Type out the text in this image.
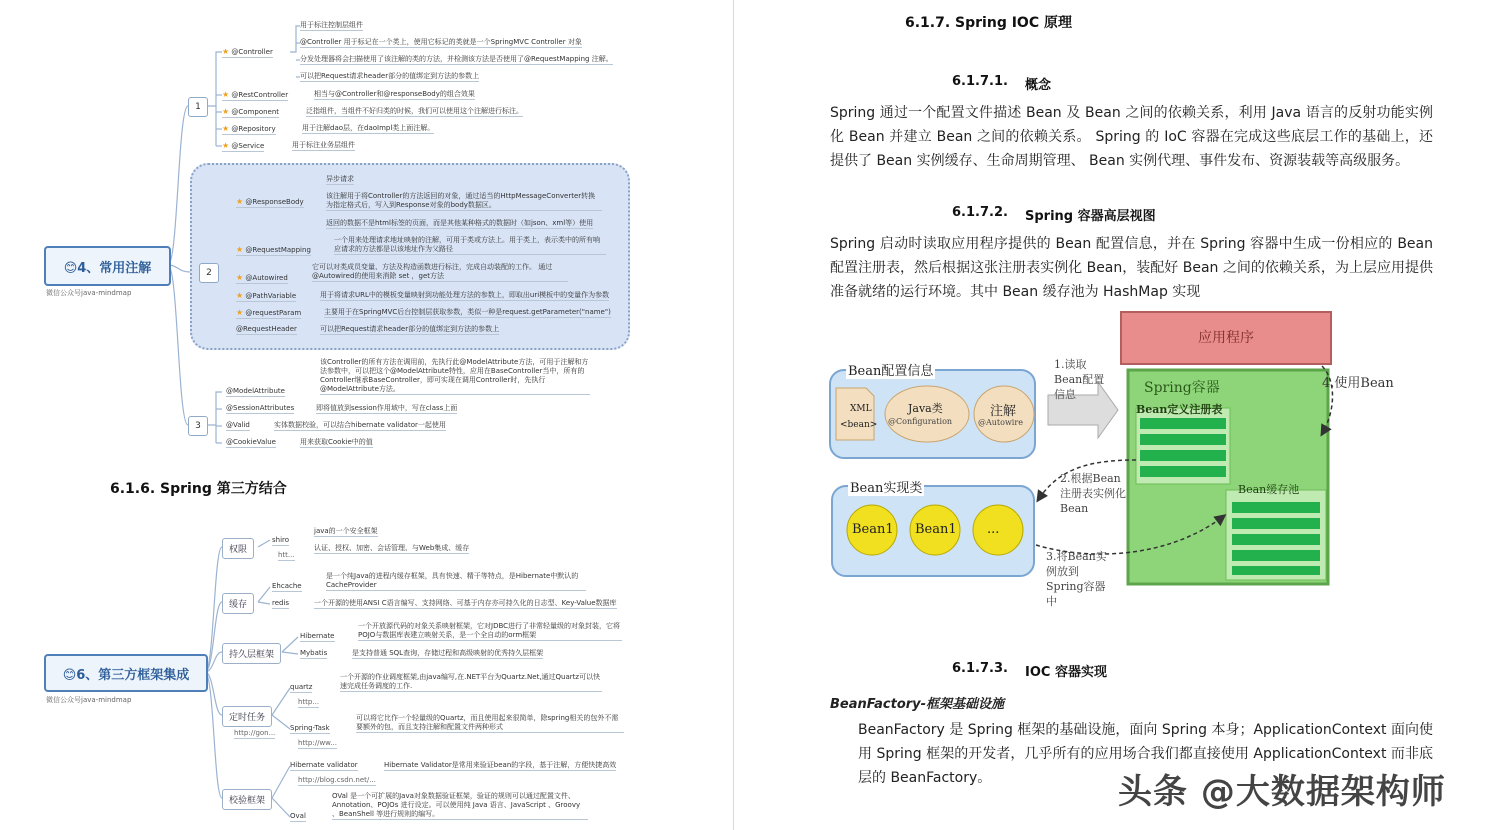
😊4、常用注解
微信公众号java-mindmap
1
2
3
★ @Controller
用于标注控制层组件
@Controller 用于标记在一个类上，使用它标记的类就是一个SpringMVC Controller 对象
分发处理器将会扫描使用了该注解的类的方法，并检测该方法是否使用了@RequestMapping 注解。
可以把Request请求header部分的值绑定到方法的参数上
★ @RestController	相当与@Controller和@responseBody的组合效果
★ @Component	泛指组件，当组件不好归类的时候，我们可以使用这个注解进行标注。
★ @Repository	用于注解dao层，在daoImpl类上面注解。
★ @Service	用于标注业务层组件
★ @ResponseBody
异步请求
该注解用于将Controller的方法返回的对象，通过适当的HttpMessageConverter转换为指定格式后，写入到Response对象的body数据区。
返回的数据不是html标签的页面，而是其他某种格式的数据时（如json、xml等）使用
★ @RequestMapping
一个用来处理请求地址映射的注解，可用于类或方法上。用于类上，表示类中的所有响应请求的方法都是以该地址作为父路径
★ @Autowired
它可以对类成员变量、方法及构造函数进行标注，完成自动装配的工作。 通过 @Autowired的使用来消除 set ，get方法
★ @PathVariable	用于将请求URL中的模板变量映射到功能处理方法的参数上，即取出uri模板中的变量作为参数
★ @requestParam	主要用于在SpringMVC后台控制层获取参数，类似一种是request.getParameter("name")
@RequestHeader	可以把Request请求header部分的值绑定到方法的参数上
@ModelAttribute
该Controller的所有方法在调用前，先执行此@ModelAttribute方法，可用于注解和方法参数中，可以把这个@ModelAttribute特性，应用在BaseController当中，所有的Controller继承BaseController，即可实现在调用Controller时，先执行@ModelAttribute方法。
@SessionAttributes	即将值放到session作用域中，写在class上面
@Valid	实体数据校验，可以结合hibernate validator一起使用
@CookieValue	用来获取Cookie中的值
6.1.6. Spring 第三方结合
😊6、第三方框架集成
微信公众号java-mindmap
权限
shiro
htt...
java的一个安全框架
认证、授权、加密、会话管理、与Web集成、缓存
缓存
Ehcache
是一个纯Java的进程内缓存框架，具有快速、精干等特点，是Hibernate中默认的CacheProvider
redis	一个开源的使用ANSI C语言编写、支持网络、可基于内存亦可持久化的日志型、Key-Value数据库
持久层框架
Hibernate
一个开放源代码的对象关系映射框架，它对JDBC进行了非常轻量级的对象封装，它将POJO与数据库表建立映射关系，是一个全自动的orm框架
Mybatis	是支持普通 SQL查询，存储过程和高级映射的优秀持久层框架
定时任务
http://gon...
quartz
http...
一个开源的作业调度框架,由java编写,在.NET平台为Quartz.Net,通过Quartz可以快速完成任务调度的工作.
Spring-Task
http://ww...
可以将它比作一个轻量级的Quartz，而且使用起来很简单，除spring相关的包外不需要额外的包，而且支持注解和配置文件两种形式
校验框架
Hibernate validator
http://blog.csdn.net/...
Hibernate Validator是常用来验证bean的字段，基于注解，方便快捷高效
Oval
OVal 是一个可扩展的Java对象数据验证框架，验证的规则可以通过配置文件、Annotation、POJOs 进行设定。可以使用纯 Java 语言、JavaScript 、Groovy 、BeanShell 等进行规则的编写。
6.1.7. Spring IOC 原理
6.1.7.1. 概念
Spring 通过一个配置文件描述 Bean 及 Bean 之间的依赖关系，利用 Java 语言的反射功能实例化 Bean 并建立 Bean 之间的依赖关系。 Spring 的 IoC 容器在完成这些底层工作的基础上，还提供了 Bean 实例缓存、生命周期管理、 Bean 实例代理、事件发布、资源装载等高级服务。
6.1.7.2. Spring 容器高层视图
Spring 启动时读取应用程序提供的 Bean 配置信息，并在 Spring 容器中生成一份相应的 Bean 配置注册表，然后根据这张注册表实例化 Bean，装配好 Bean 之间的依赖关系，为上层应用提供准备就绪的运行环境。其中 Bean 缓存池为 HashMap 实现
应用程序
Bean配置信息
XML
<bean>
Java类
@Configuration
注解
@Autowire
1.读取Bean配置信息	Spring容器
Bean定义注册表
4.使用Bean
2.根据Bean注册表实例化Bean
Bean实现类	Bean缓存池
Bean1 Bean1 ...
3.将Bean实例放到Spring容器中
6.1.7.3. IOC 容器实现
BeanFactory-框架基础设施
BeanFactory 是 Spring 框架的基础设施，面向 Spring 本身；ApplicationContext 面向使用 Spring 框架的开发者，几乎所有的应用场合我们都直接使用 ApplicationContext 而非底层的 BeanFactory。	头条 @大数据架构师
